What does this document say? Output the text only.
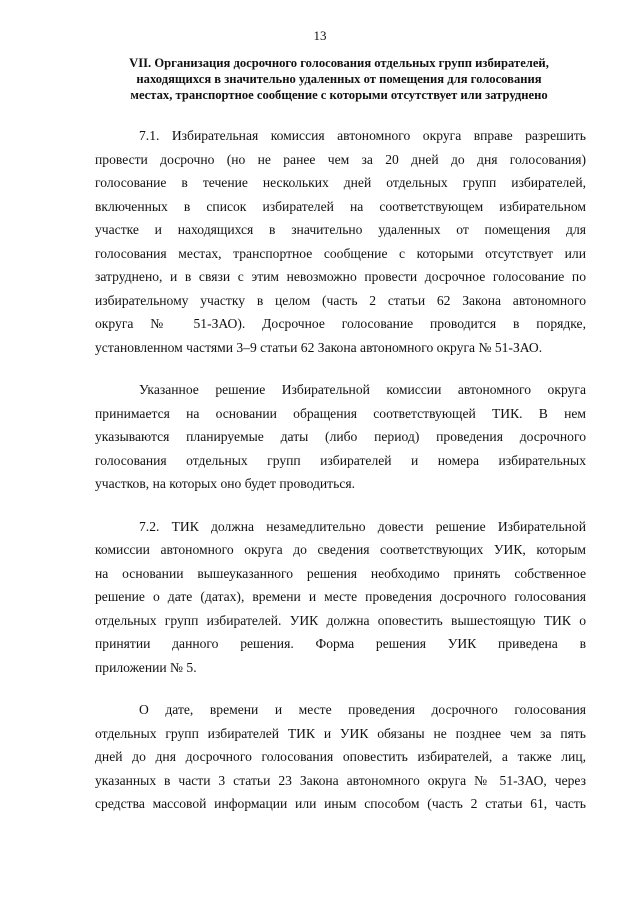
13
VII. Организация досрочного голосования отдельных групп избирателей,
находящихся в значительно удаленных от помещения для голосования
местах, транспортное сообщение с которыми отсутствует или затруднено
7.1. Избирательная комиссия автономного округа вправе разрешить
провести досрочно (но не ранее чем за 20 дней до дня голосования)
голосование в течение нескольких дней отдельных групп избирателей,
включенных в список избирателей на соответствующем избирательном
участке и находящихся в значительно удаленных от помещения для
голосования местах, транспортное сообщение с которыми отсутствует или
затруднено, и в связи с этим невозможно провести досрочное голосование по
избирательному участку в целом (часть 2 статьи 62 Закона автономного
округа № 51-ЗАО). Досрочное голосование проводится в порядке,
установленном частями 3–9 статьи 62 Закона автономного округа № 51-ЗАО.
Указанное решение Избирательной комиссии автономного округа
принимается на основании обращения соответствующей ТИК. В нем
указываются планируемые даты (либо период) проведения досрочного
голосования отдельных групп избирателей и номера избирательных
участков, на которых оно будет проводиться.
7.2. ТИК должна незамедлительно довести решение Избирательной
комиссии автономного округа до сведения соответствующих УИК, которым
на основании вышеуказанного решения необходимо принять собственное
решение о дате (датах), времени и месте проведения досрочного голосования
отдельных групп избирателей. УИК должна оповестить вышестоящую ТИК о
принятии данного решения. Форма решения УИК приведена в
приложении № 5.
О дате, времени и месте проведения досрочного голосования
отдельных групп избирателей ТИК и УИК обязаны не позднее чем за пять
дней до дня досрочного голосования оповестить избирателей, а также лиц,
указанных в части 3 статьи 23 Закона автономного округа № 51-ЗАО, через
средства массовой информации или иным способом (часть 2 статьи 61, часть
